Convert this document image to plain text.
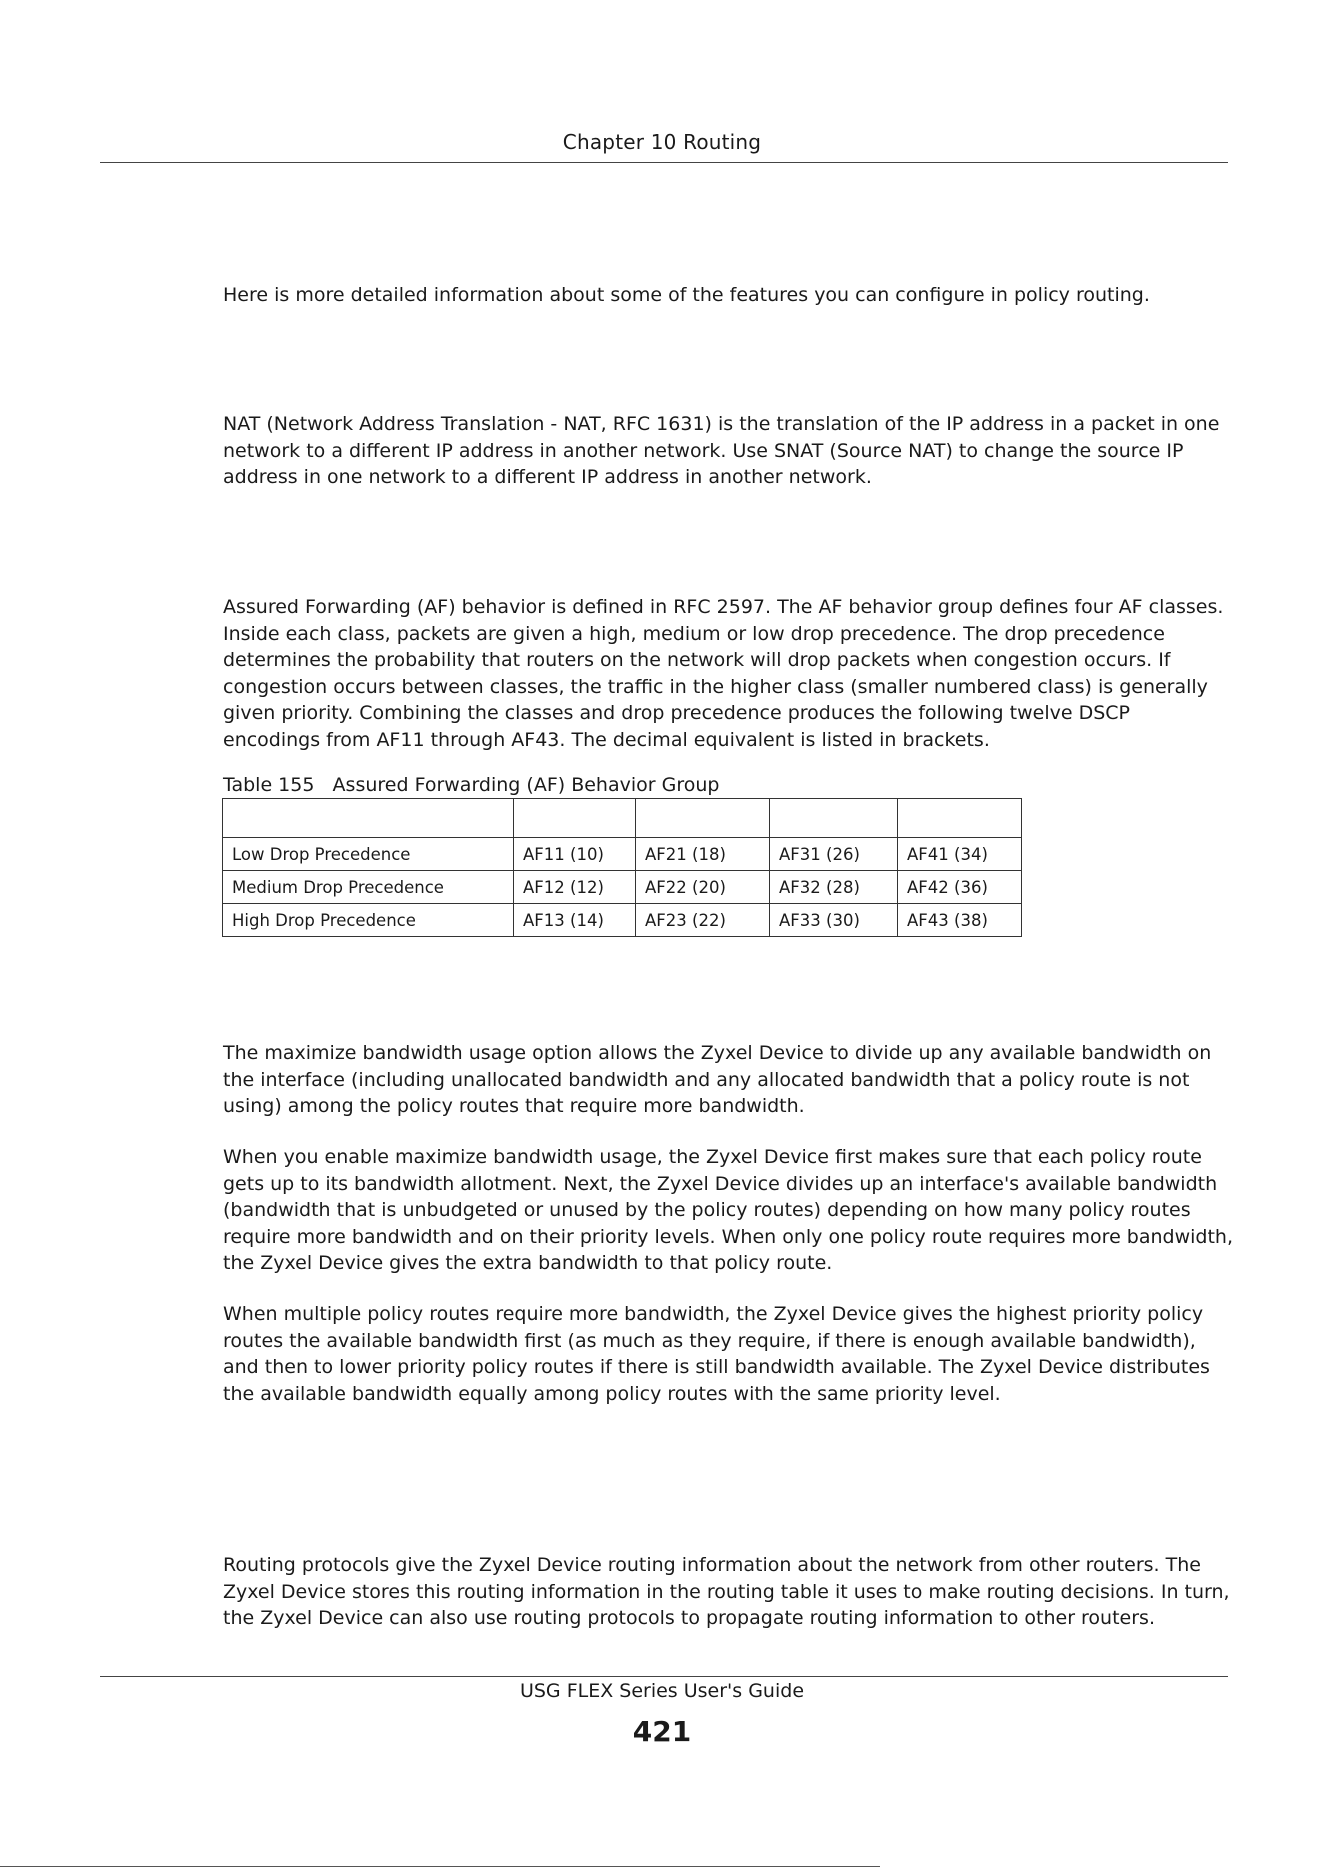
Chapter 10 Routing

Here is more detailed information about some of the features you can configure in policy routing.

NAT (Network Address Translation - NAT, RFC 1631) is the translation of the IP address in a packet in one network to a different IP address in another network. Use SNAT (Source NAT) to change the source IP address in one network to a different IP address in another network.

Assured Forwarding (AF) behavior is defined in RFC 2597. The AF behavior group defines four AF classes. Inside each class, packets are given a high, medium or low drop precedence. The drop precedence determines the probability that routers on the network will drop packets when congestion occurs. If congestion occurs between classes, the traffic in the higher class (smaller numbered class) is generally given priority. Combining the classes and drop precedence produces the following twelve DSCP encodings from AF11 through AF43. The decimal equivalent is listed in brackets.

Table 155   Assured Forwarding (AF) Behavior Group

Low Drop Precedence	AF11 (10)	AF21 (18)	AF31 (26)	AF41 (34)
Medium Drop Precedence	AF12 (12)	AF22 (20)	AF32 (28)	AF42 (36)
High Drop Precedence	AF13 (14)	AF23 (22)	AF33 (30)	AF43 (38)

The maximize bandwidth usage option allows the Zyxel Device to divide up any available bandwidth on the interface (including unallocated bandwidth and any allocated bandwidth that a policy route is not using) among the policy routes that require more bandwidth.

When you enable maximize bandwidth usage, the Zyxel Device first makes sure that each policy route gets up to its bandwidth allotment. Next, the Zyxel Device divides up an interface's available bandwidth (bandwidth that is unbudgeted or unused by the policy routes) depending on how many policy routes require more bandwidth and on their priority levels. When only one policy route requires more bandwidth, the Zyxel Device gives the extra bandwidth to that policy route.

When multiple policy routes require more bandwidth, the Zyxel Device gives the highest priority policy routes the available bandwidth first (as much as they require, if there is enough available bandwidth), and then to lower priority policy routes if there is still bandwidth available. The Zyxel Device distributes the available bandwidth equally among policy routes with the same priority level.

Routing protocols give the Zyxel Device routing information about the network from other routers. The Zyxel Device stores this routing information in the routing table it uses to make routing decisions. In turn, the Zyxel Device can also use routing protocols to propagate routing information to other routers.

USG FLEX Series User's Guide
421
